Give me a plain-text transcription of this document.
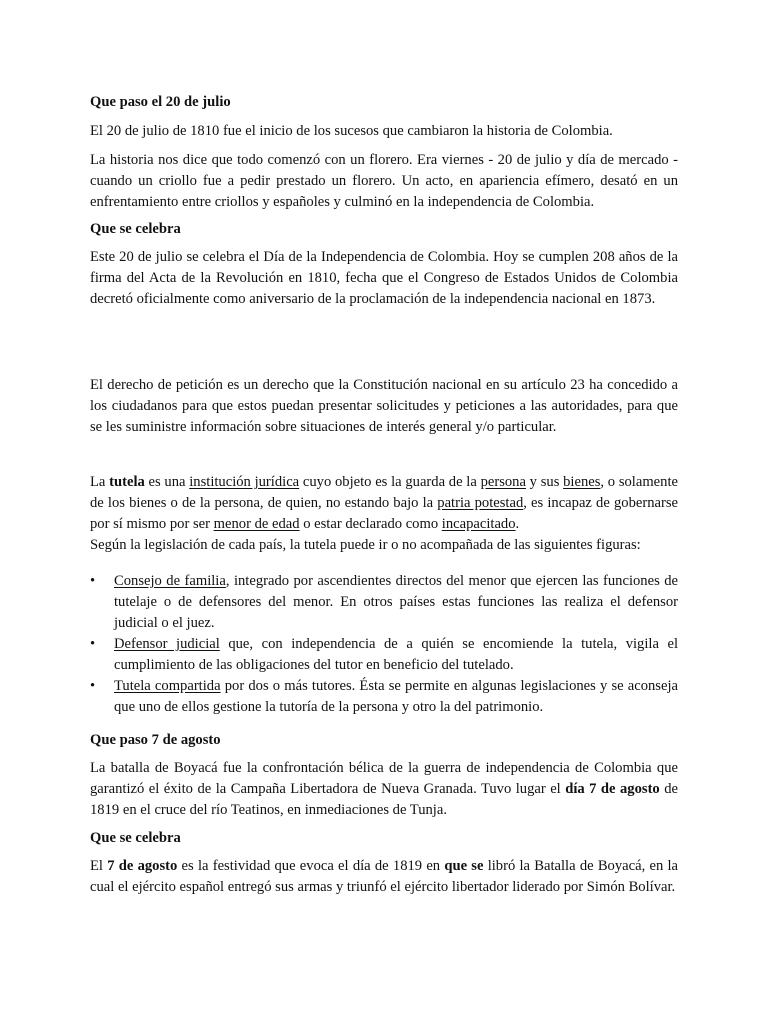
Que paso el 20 de julio

El 20 de julio de 1810 fue el inicio de los sucesos que cambiaron la historia de Colombia.

La historia nos dice que todo comenzó con un florero. Era viernes - 20 de julio y día de mercado - cuando un criollo fue a pedir prestado un florero. Un acto, en apariencia efímero, desató en un enfrentamiento entre criollos y españoles y culminó en la independencia de Colombia.

Que se celebra

Este 20 de julio se celebra el Día de la Independencia de Colombia. Hoy se cumplen 208 años de la firma del Acta de la Revolución en 1810, fecha que el Congreso de Estados Unidos de Colombia decretó oficialmente como aniversario de la proclamación de la independencia nacional en 1873.

El derecho de petición es un derecho que la Constitución nacional en su artículo 23 ha concedido a los ciudadanos para que estos puedan presentar solicitudes y peticiones a las autoridades, para que se les suministre información sobre situaciones de interés general y/o particular.

La tutela es una institución jurídica cuyo objeto es la guarda de la persona y sus bienes, o solamente de los bienes o de la persona, de quien, no estando bajo la patria potestad, es incapaz de gobernarse por sí mismo por ser menor de edad o estar declarado como incapacitado.

Según la legislación de cada país, la tutela puede ir o no acompañada de las siguientes figuras:

• Consejo de familia, integrado por ascendientes directos del menor que ejercen las funciones de tutelaje o de defensores del menor. En otros países estas funciones las realiza el defensor judicial o el juez.
• Defensor judicial que, con independencia de a quién se encomiende la tutela, vigila el cumplimiento de las obligaciones del tutor en beneficio del tutelado.
• Tutela compartida por dos o más tutores. Ésta se permite en algunas legislaciones y se aconseja que uno de ellos gestione la tutoría de la persona y otro la del patrimonio.

Que paso 7 de agosto

La batalla de Boyacá fue la confrontación bélica de la guerra de independencia de Colombia que garantizó el éxito de la Campaña Libertadora de Nueva Granada. Tuvo lugar el día 7 de agosto de 1819 en el cruce del río Teatinos, en inmediaciones de Tunja.

Que se celebra

El 7 de agosto es la festividad que evoca el día de 1819 en que se libró la Batalla de Boyacá, en la cual el ejército español entregó sus armas y triunfó el ejército libertador liderado por Simón Bolívar.
